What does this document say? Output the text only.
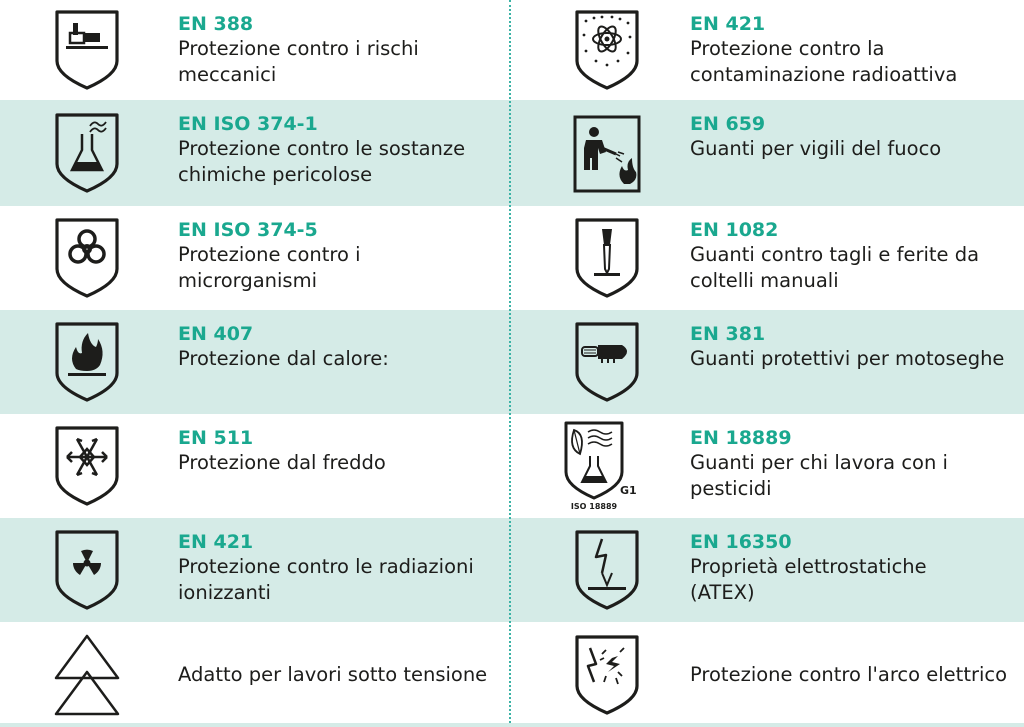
EN 388
Protezione contro i rischi
meccanici
EN 421
Protezione contro la
contaminazione radioattiva
EN ISO 374-1
Protezione contro le sostanze
chimiche pericolose
EN 659
Guanti per vigili del fuoco
EN ISO 374-5
Protezione contro i
microrganismi
EN 1082
Guanti contro tagli e ferite da
coltelli manuali
EN 407
Protezione dal calore:
EN 381
Guanti protettivi per motoseghe
EN 511
Protezione dal freddo
G1
ISO 18889
EN 18889
Guanti per chi lavora con i
pesticidi
EN 421
Protezione contro le radiazioni
ionizzanti
EN 16350
Proprietà elettrostatiche
(ATEX)
Adatto per lavori sotto tensione	Protezione contro l'arco elettrico
